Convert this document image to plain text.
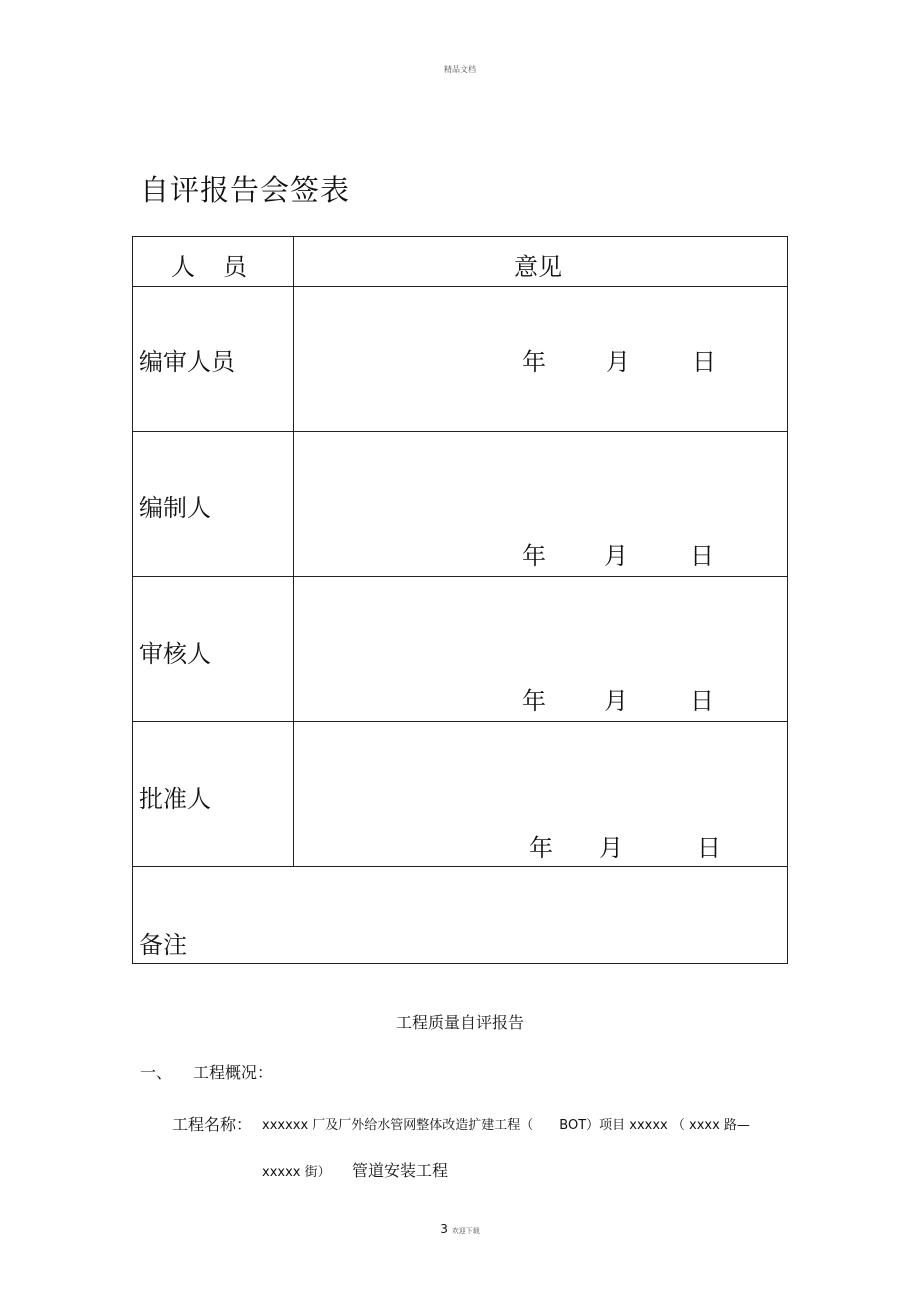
精品文档
自评报告会签表
人 员	意见

编审人员	年 月 日

编制人	年 月 日

审核人	年 月 日

批准人	年 月 日

备注	
工程质量自评报告
一、 工程概况：
工程名称： xxxxxx 厂及厂外给水管网整体改造扩建工程（　　BOT）项目 xxxxx （ xxxx 路—
xxxxx 街） 管道安装工程
3 欢迎下载
